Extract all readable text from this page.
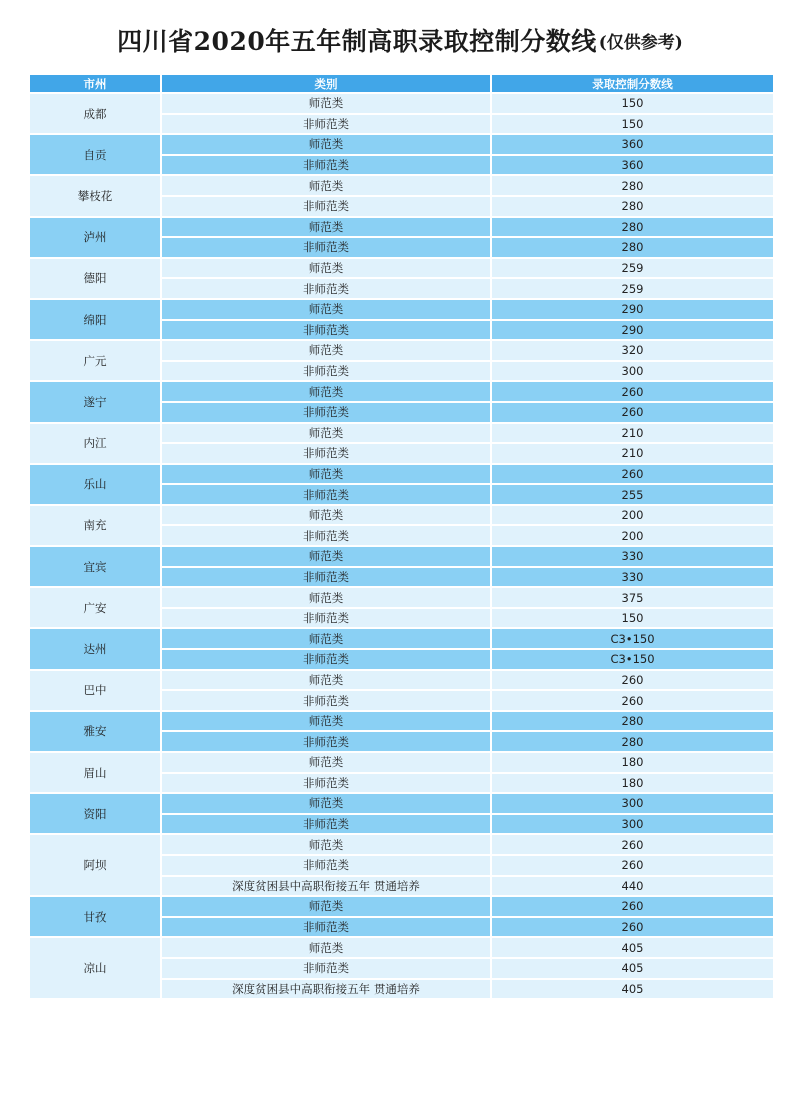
四川省2020年五年制高职录取控制分数线 (仅供参考)
市州	类别	录取控制分数线
成都	师范类	150
	非师范类	150
自贡	师范类	360
	非师范类	360
攀枝花	师范类	280
	非师范类	280
泸州	师范类	280
	非师范类	280
德阳	师范类	259
	非师范类	259
绵阳	师范类	290
	非师范类	290
广元	师范类	320
	非师范类	300
遂宁	师范类	260
	非师范类	260
内江	师范类	210
	非师范类	210
乐山	师范类	260
	非师范类	255
南充	师范类	200
	非师范类	200
宜宾	师范类	330
	非师范类	330
广安	师范类	375
	非师范类	150
达州	师范类	C3•150
	非师范类	C3•150
巴中	师范类	260
	非师范类	260
雅安	师范类	280
	非师范类	280
眉山	师范类	180
	非师范类	180
资阳	师范类	300
	非师范类	300
阿坝	师范类	260
	非师范类	260
	深度贫困县中高职衔接五年 贯通培养	440
甘孜	师范类	260
	非师范类	260
凉山	师范类	405
	非师范类	405
	深度贫困县中高职衔接五年 贯通培养	405
